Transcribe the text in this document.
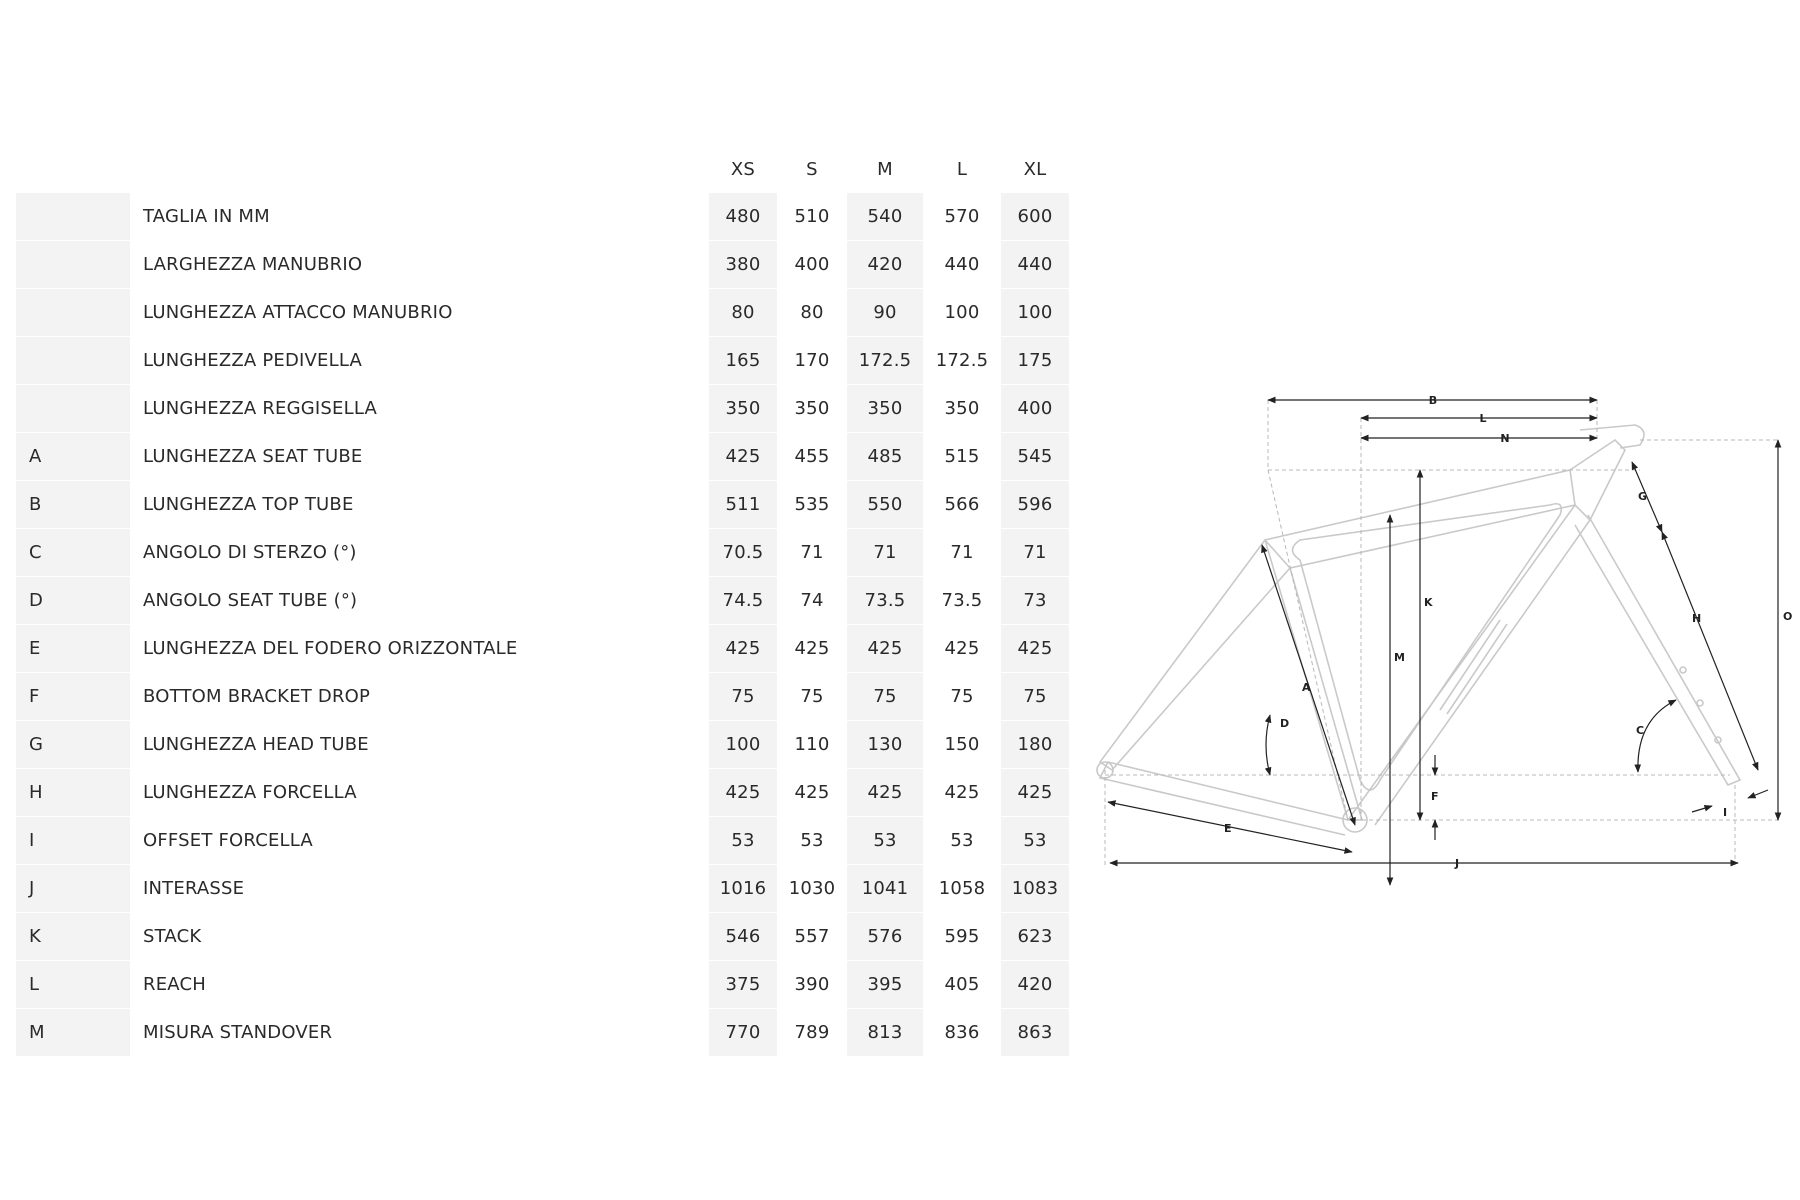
		XS		S		M		L		XL
	TAGLIA IN MM	480		510		540		570		600
	LARGHEZZA MANUBRIO	380		400		420		440		440
	LUNGHEZZA ATTACCO MANUBRIO	80		80		90		100		100
	LUNGHEZZA PEDIVELLA	165		170		172.5		172.5		175
	LUNGHEZZA REGGISELLA	350		350		350		350		400
A	LUNGHEZZA SEAT TUBE	425		455		485		515		545
B	LUNGHEZZA TOP TUBE	511		535		550		566		596
C	ANGOLO DI STERZO (°)	70.5		71		71		71		71
D	ANGOLO SEAT TUBE (°)	74.5		74		73.5		73.5		73
E	LUNGHEZZA DEL FODERO ORIZZONTALE	425		425		425		425		425
F	BOTTOM BRACKET DROP	75		75		75		75		75
G	LUNGHEZZA HEAD TUBE	100		110		130		150		180
H	LUNGHEZZA FORCELLA	425		425		425		425		425
I	OFFSET FORCELLA	53		53		53		53		53
J	INTERASSE	1016		1030		1041		1058		1083
K	STACK	546		557		576		595		623
L	REACH	375		390		395		405		420
M	MISURA STANDOVER	770		789		813		836		863
B
L
N
O
K
M
J
E
A
D
C
F
G
H
I
